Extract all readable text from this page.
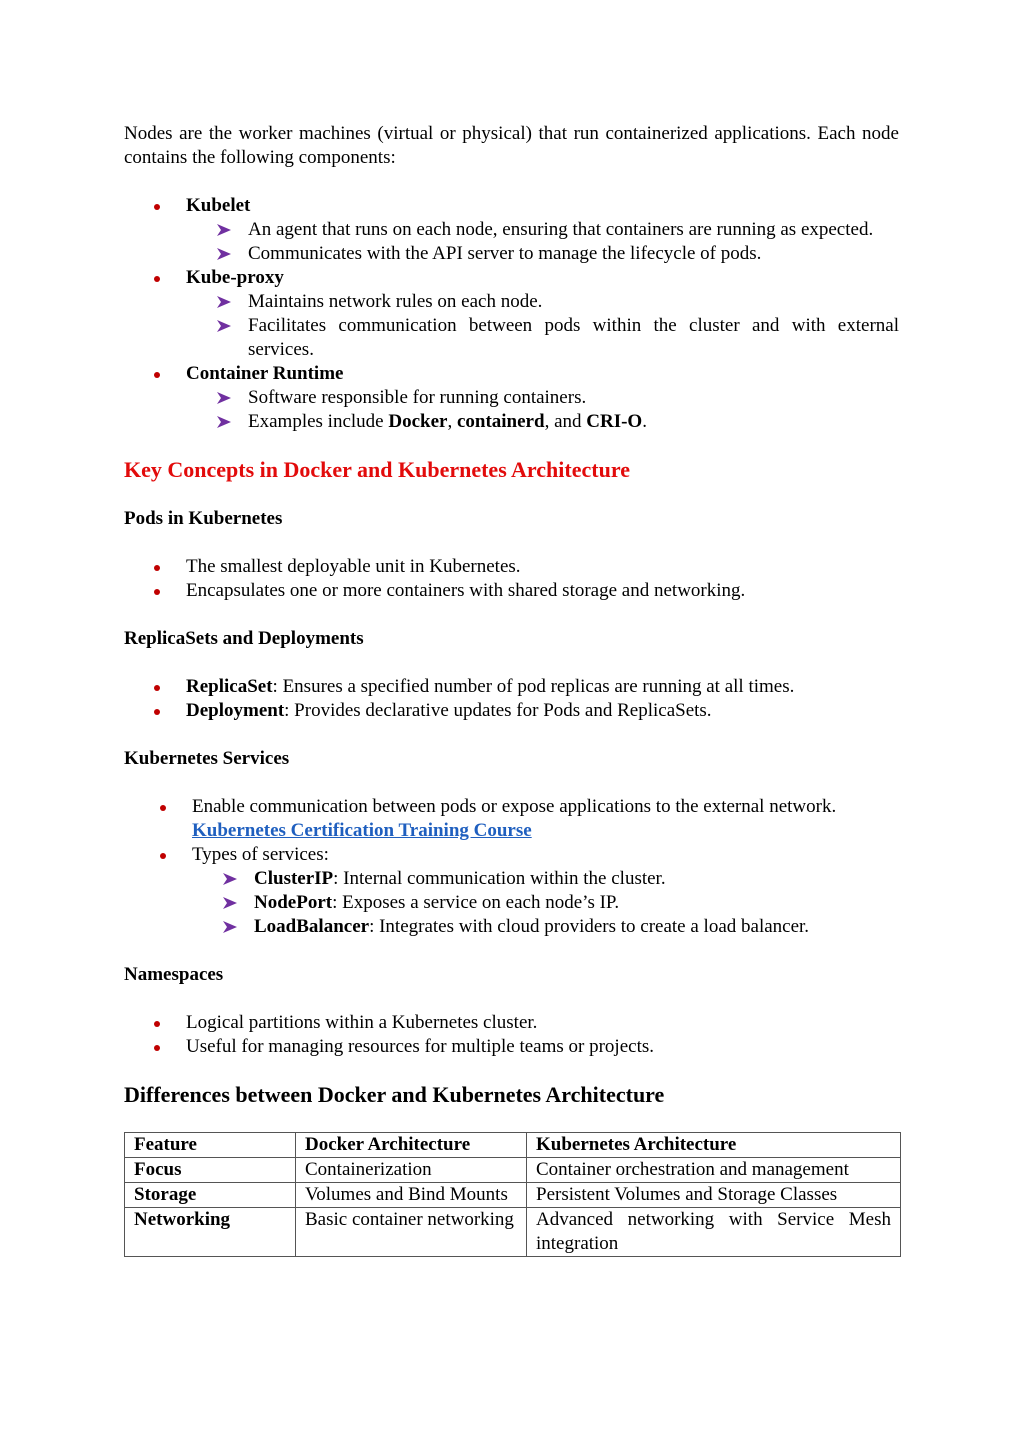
Nodes are the worker machines (virtual or physical) that run containerized applications. Each node contains the following components:

Kubelet
An agent that runs on each node, ensuring that containers are running as expected.
Communicates with the API server to manage the lifecycle of pods.
Kube-proxy
Maintains network rules on each node.
Facilitates communication between pods within the cluster and with external services.
Container Runtime
Software responsible for running containers.
Examples include Docker, containerd, and CRI-O.
Key Concepts in Docker and Kubernetes Architecture
Pods in Kubernetes
The smallest deployable unit in Kubernetes.
Encapsulates one or more containers with shared storage and networking.
ReplicaSets and Deployments
ReplicaSet: Ensures a specified number of pod replicas are running at all times.
Deployment: Provides declarative updates for Pods and ReplicaSets.
Kubernetes Services
Enable communication between pods or expose applications to the external network.
Kubernetes Certification Training Course
Types of services:
ClusterIP: Internal communication within the cluster.
NodePort: Exposes a service on each node’s IP.
LoadBalancer: Integrates with cloud providers to create a load balancer.
Namespaces
Logical partitions within a Kubernetes cluster.
Useful for managing resources for multiple teams or projects.
Differences between Docker and Kubernetes Architecture
Feature	Docker Architecture	Kubernetes Architecture
Focus	Containerization	Container orchestration and management
Storage	Volumes and Bind Mounts	Persistent Volumes and Storage Classes
Networking	Basic container networking	Advanced networking with Service Mesh integration
